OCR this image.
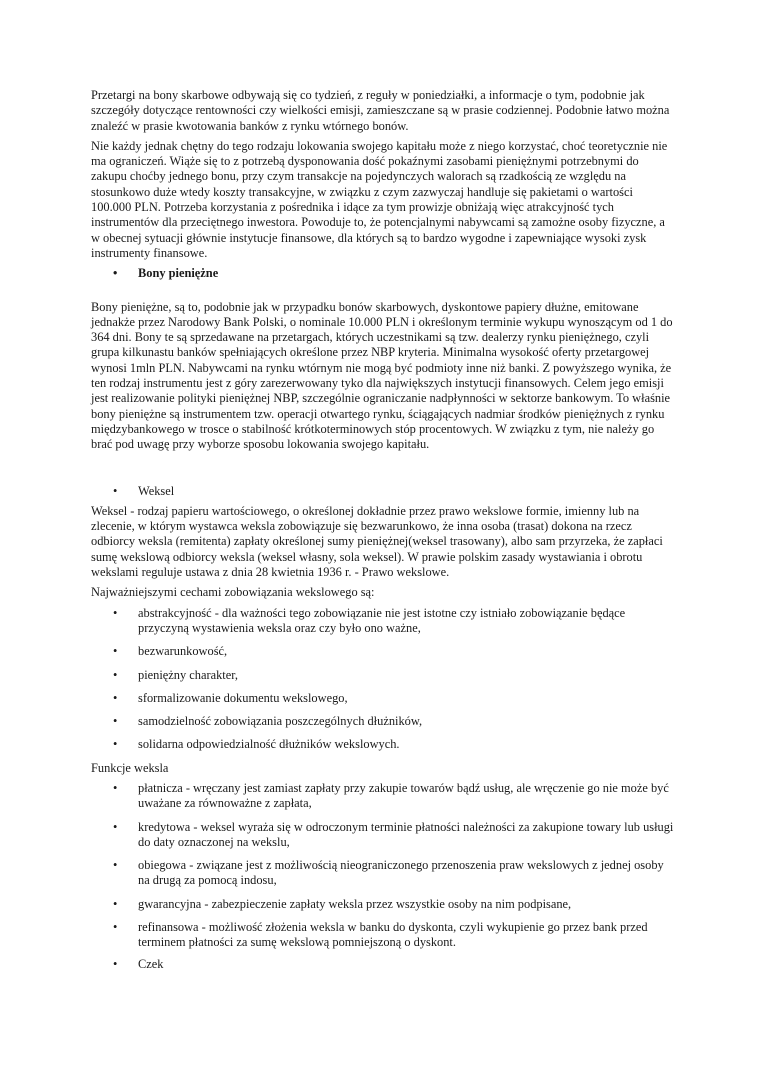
Przetargi na bony skarbowe odbywają się co tydzień, z reguły w poniedziałki, a informacje o tym, podobnie jak szczegóły dotyczące rentowności czy wielkości emisji, zamieszczane są w prasie codziennej. Podobnie łatwo można znaleźć w prasie kwotowania banków z rynku wtórnego bonów.

Nie każdy jednak chętny do tego rodzaju lokowania swojego kapitału może z niego korzystać, choć teoretycznie nie ma ograniczeń. Wiąże się to z potrzebą dysponowania dość pokaźnymi zasobami pieniężnymi potrzebnymi do zakupu choćby jednego bonu, przy czym transakcje na pojedynczych walorach są rzadkością ze względu na stosunkowo duże wtedy koszty transakcyjne, w związku z czym zazwyczaj handluje się pakietami o wartości 100.000 PLN. Potrzeba korzystania z pośrednika i idące za tym prowizje obniżają więc atrakcyjność tych instrumentów dla przeciętnego inwestora. Powoduje to, że potencjalnymi nabywcami są zamożne osoby fizyczne, a w obecnej sytuacji głównie instytucje finansowe, dla których są to bardzo wygodne i zapewniające wysoki zysk instrumenty finansowe.

• Bony pieniężne

Bony pieniężne, są to, podobnie jak w przypadku bonów skarbowych, dyskontowe papiery dłużne, emitowane jednakże przez Narodowy Bank Polski, o nominale 10.000 PLN i określonym terminie wykupu wynoszącym od 1 do 364 dni. Bony te są sprzedawane na przetargach, których uczestnikami są tzw. dealerzy rynku pieniężnego, czyli grupa kilkunastu banków spełniających określone przez NBP kryteria. Minimalna wysokość oferty przetargowej wynosi 1mln PLN. Nabywcami na rynku wtórnym nie mogą być podmioty inne niż banki. Z powyższego wynika, że ten rodzaj instrumentu jest z góry zarezerwowany tyko dla największych instytucji finansowych. Celem jego emisji jest realizowanie polityki pieniężnej NBP, szczególnie ograniczanie nadpłynności w sektorze bankowym. To właśnie bony pieniężne są instrumentem tzw. operacji otwartego rynku, ściągających nadmiar środków pieniężnych z rynku międzybankowego w trosce o stabilność krótkoterminowych stóp procentowych. W związku z tym, nie należy go brać pod uwagę przy wyborze sposobu lokowania swojego kapitału.

• Weksel

Weksel - rodzaj papieru wartościowego, o określonej dokładnie przez prawo wekslowe formie, imienny lub na zlecenie, w którym wystawca weksla zobowiązuje się bezwarunkowo, że inna osoba (trasat) dokona na rzecz odbiorcy weksla (remitenta) zapłaty określonej sumy pieniężnej(weksel trasowany), albo sam przyrzeka, że zapłaci sumę wekslową odbiorcy weksla (weksel własny, sola weksel). W prawie polskim zasady wystawiania i obrotu wekslami reguluje ustawa z dnia 28 kwietnia 1936 r. - Prawo wekslowe.

Najważniejszymi cechami zobowiązania wekslowego są:

• abstrakcyjność - dla ważności tego zobowiązanie nie jest istotne czy istniało zobowiązanie będące przyczyną wystawienia weksla oraz czy było ono ważne,
• bezwarunkowość,
• pieniężny charakter,
• sformalizowanie dokumentu wekslowego,
• samodzielność zobowiązania poszczególnych dłużników,
• solidarna odpowiedzialność dłużników wekslowych.

Funkcje weksla

• płatnicza - wręczany jest zamiast zapłaty przy zakupie towarów bądź usług, ale wręczenie go nie może być uważane za równoważne z zapłata,
• kredytowa - weksel wyraża się w odroczonym terminie płatności należności za zakupione towary lub usługi do daty oznaczonej na wekslu,
• obiegowa - związane jest z możliwością nieograniczonego przenoszenia praw wekslowych z jednej osoby na drugą za pomocą indosu,
• gwarancyjna - zabezpieczenie zapłaty weksla przez wszystkie osoby na nim podpisane,
• refinansowa - możliwość złożenia weksla w banku do dyskonta, czyli wykupienie go przez bank przed terminem płatności za sumę wekslową pomniejszoną o dyskont.
• Czek
